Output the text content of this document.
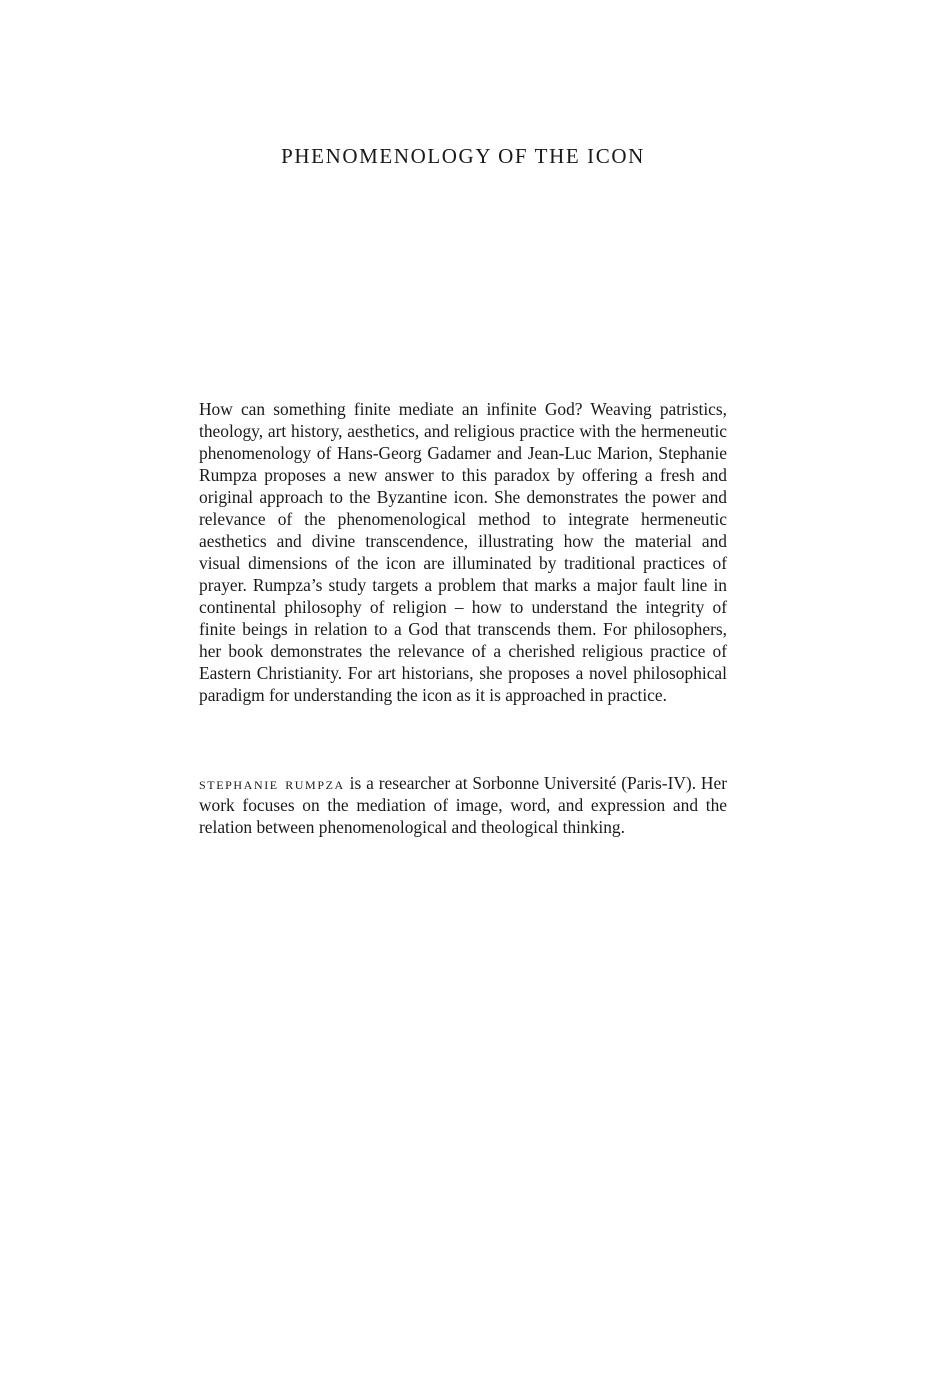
PHENOMENOLOGY OF THE ICON

How can something finite mediate an infinite God? Weaving patristics, theology, art history, aesthetics, and religious practice with the hermeneutic phenomenology of Hans-Georg Gadamer and Jean-Luc Marion, Stephanie Rumpza proposes a new answer to this paradox by offering a fresh and original approach to the Byzantine icon. She demonstrates the power and relevance of the phenomenological method to integrate hermeneutic aesthetics and divine transcendence, illustrating how the material and visual dimensions of the icon are illuminated by traditional practices of prayer. Rumpza’s study targets a problem that marks a major fault line in continental philosophy of religion – how to understand the integrity of finite beings in relation to a God that transcends them. For philosophers, her book demonstrates the relevance of a cherished religious practice of Eastern Christianity. For art historians, she proposes a novel philosophical paradigm for understanding the icon as it is approached in practice.

stephanie rumpza is a researcher at Sorbonne Université (Paris-IV). Her work focuses on the mediation of image, word, and expression and the relation between phenomenological and theological thinking.
